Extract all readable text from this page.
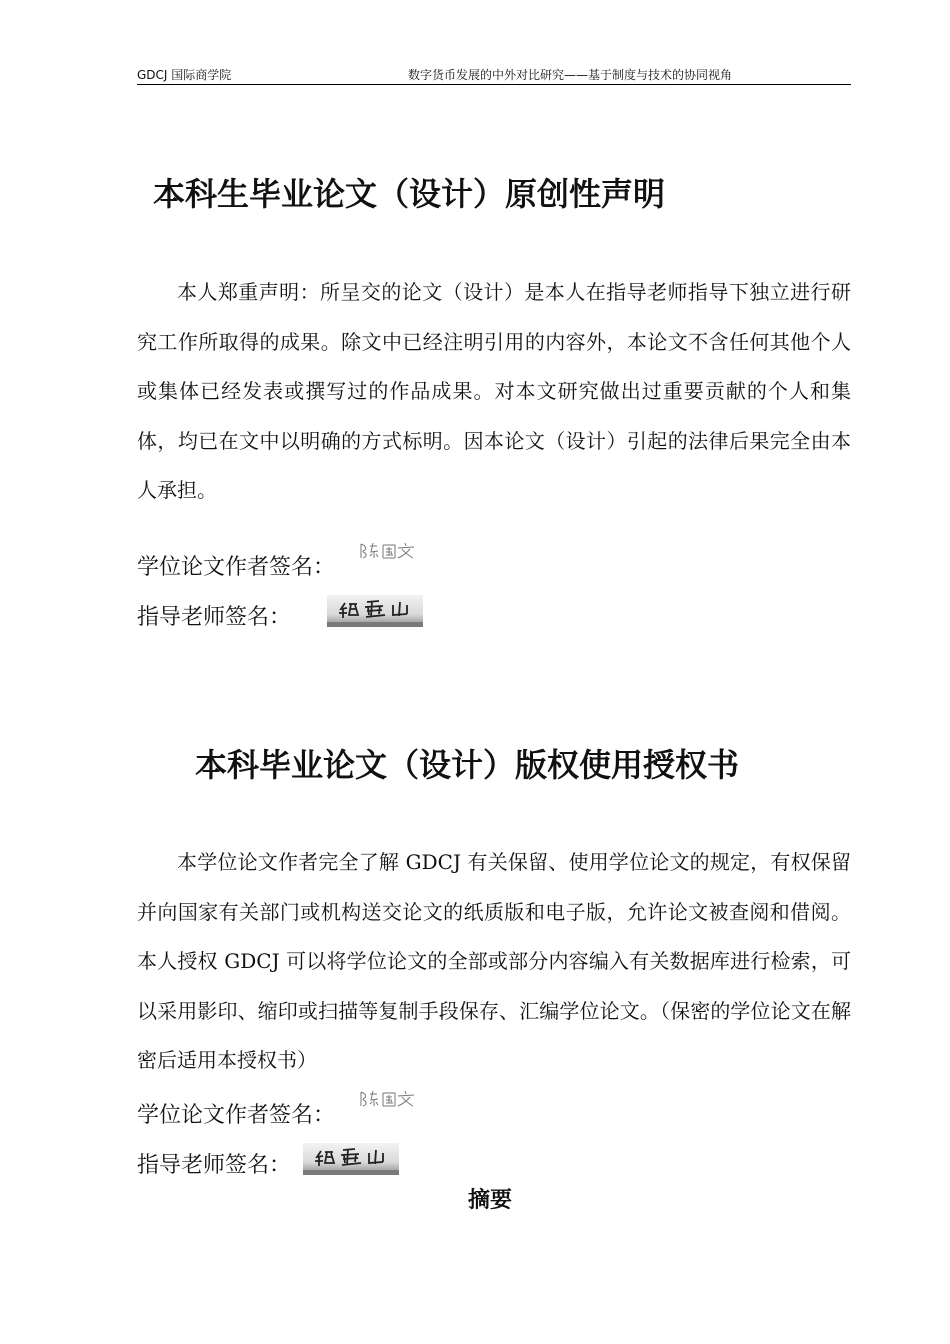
GDCJ 国际商学院	数字货币发展的中外对比研究——基于制度与技术的协同视角
本科生毕业论文（设计）原创性声明
本人郑重声明：所呈交的论文（设计）是本人在指导老师指导下独立进行研究工作所取得的成果。除文中已经注明引用的内容外，本论文不含任何其他个人或集体已经发表或撰写过的作品成果。对本文研究做出过重要贡献的个人和集体，均已在文中以明确的方式标明。因本论文（设计）引起的法律后果完全由本人承担。
学位论文作者签名：
指导老师签名：
本科毕业论文（设计）版权使用授权书
本学位论文作者完全了解 GDCJ 有关保留、使用学位论文的规定，有权保留并向国家有关部门或机构送交论文的纸质版和电子版，允许论文被查阅和借阅。本人授权 GDCJ 可以将学位论文的全部或部分内容编入有关数据库进行检索，可以采用影印、缩印或扫描等复制手段保存、汇编学位论文。（保密的学位论文在解密后适用本授权书）
学位论文作者签名：
指导老师签名：
摘要
